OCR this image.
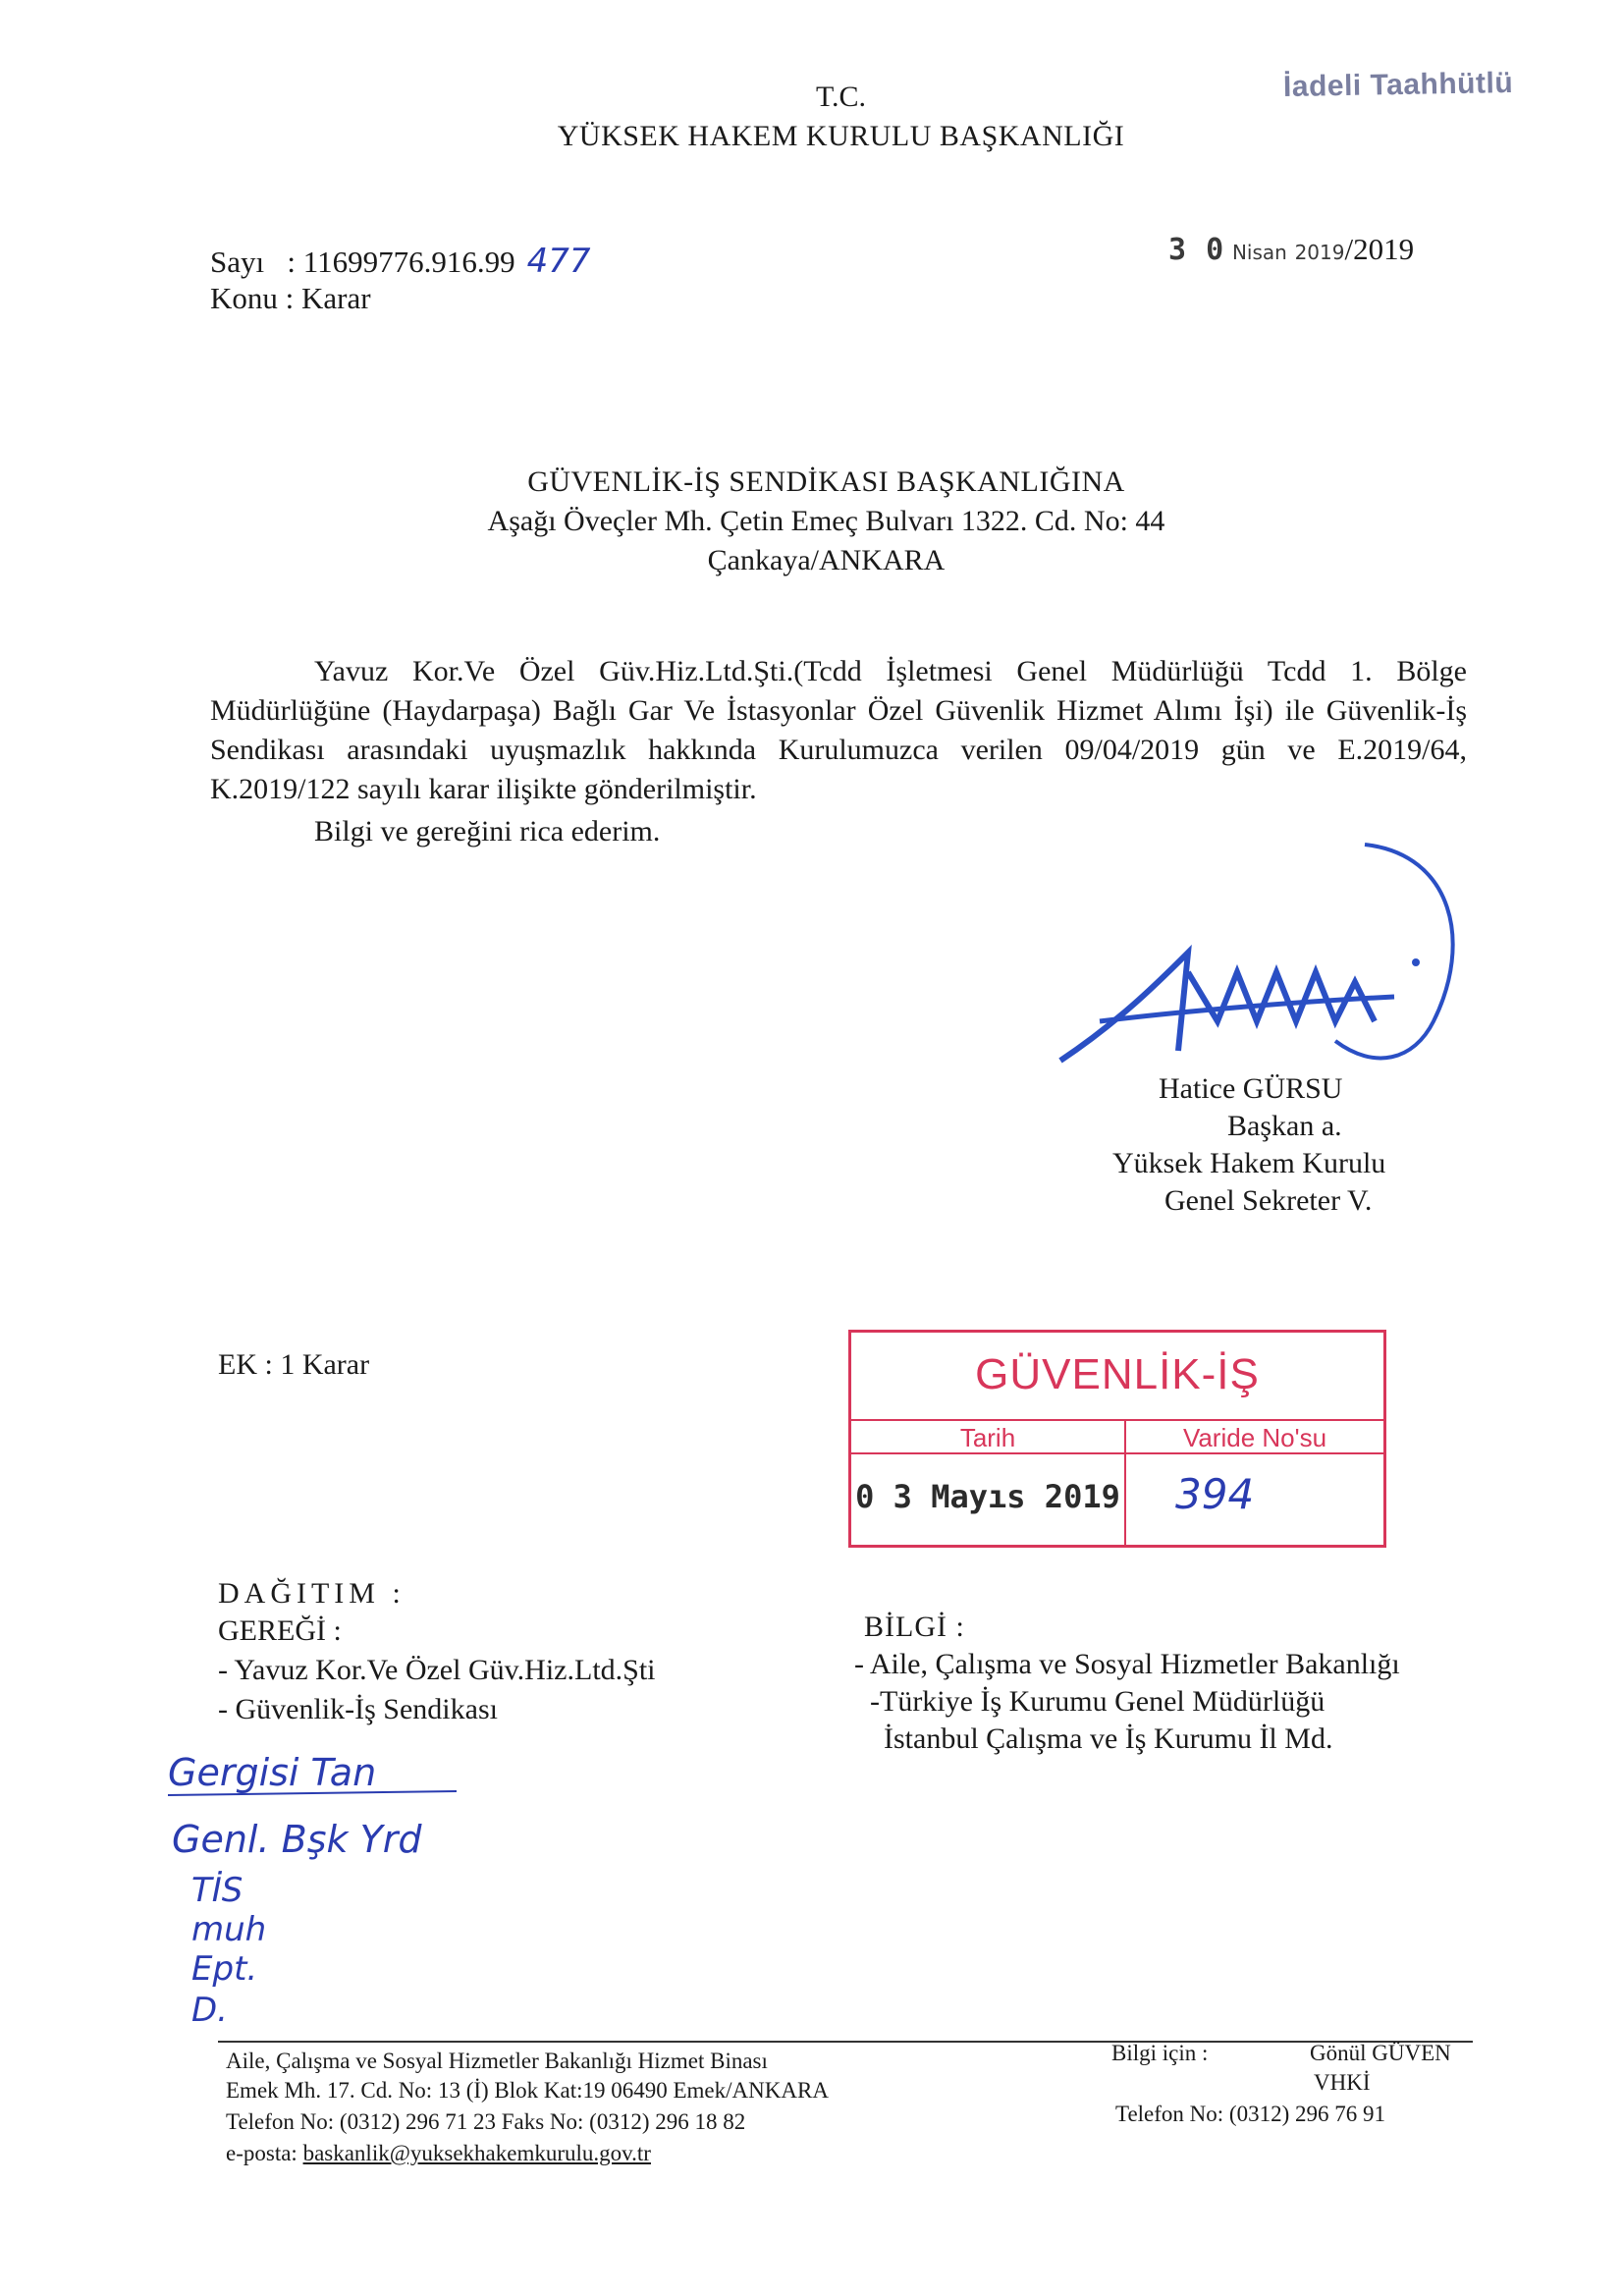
T.C.
YÜKSEK HAKEM KURULU BAŞKANLIĞI
İadeli Taahhütlü
Sayı : 11699776.916.99 477
Konu : Karar
3 0 Nisan 2019/2019
GÜVENLİK-İŞ SENDİKASI BAŞKANLIĞINA
Aşağı Öveçler Mh. Çetin Emeç Bulvarı 1322. Cd. No: 44
Çankaya/ANKARA
Yavuz Kor.Ve Özel Güv.Hiz.Ltd.Şti.(Tcdd İşletmesi Genel Müdürlüğü Tcdd 1. Bölge Müdürlüğüne (Haydarpaşa) Bağlı Gar Ve İstasyonlar Özel Güvenlik Hizmet Alımı İşi) ile Güvenlik-İş Sendikası arasındaki uyuşmazlık hakkında Kurulumuzca verilen 09/04/2019 gün ve E.2019/64, K.2019/122 sayılı karar ilişikte gönderilmiştir.
Bilgi ve gereğini rica ederim.
Hatice GÜRSU
Başkan a.
Yüksek Hakem Kurulu
Genel Sekreter V.
EK : 1 Karar	GÜVENLİK-İŞ
Tarih	Varide No'su
0 3 Mayıs 2019 394
DAĞITIM :
GEREĞİ :
- Yavuz Kor.Ve Özel Güv.Hiz.Ltd.Şti
- Güvenlik-İş Sendikası
BİLGİ :
- Aile, Çalışma ve Sosyal Hizmetler Bakanlığı
-Türkiye İş Kurumu Genel Müdürlüğü
İstanbul Çalışma ve İş Kurumu İl Md.
Gergisi Tan
Genl. Bşk Yrd
TİS
muh
Ept.
D.
Aile, Çalışma ve Sosyal Hizmetler Bakanlığı Hizmet Binası
Emek Mh. 17. Cd. No: 13 (İ) Blok Kat:19 06490 Emek/ANKARA
Telefon No: (0312) 296 71 23 Faks No: (0312) 296 18 82
e-posta: baskanlik@yuksekhakemkurulu.gov.tr
Bilgi için :	Gönül GÜVEN
VHKİ
Telefon No: (0312) 296 76 91
